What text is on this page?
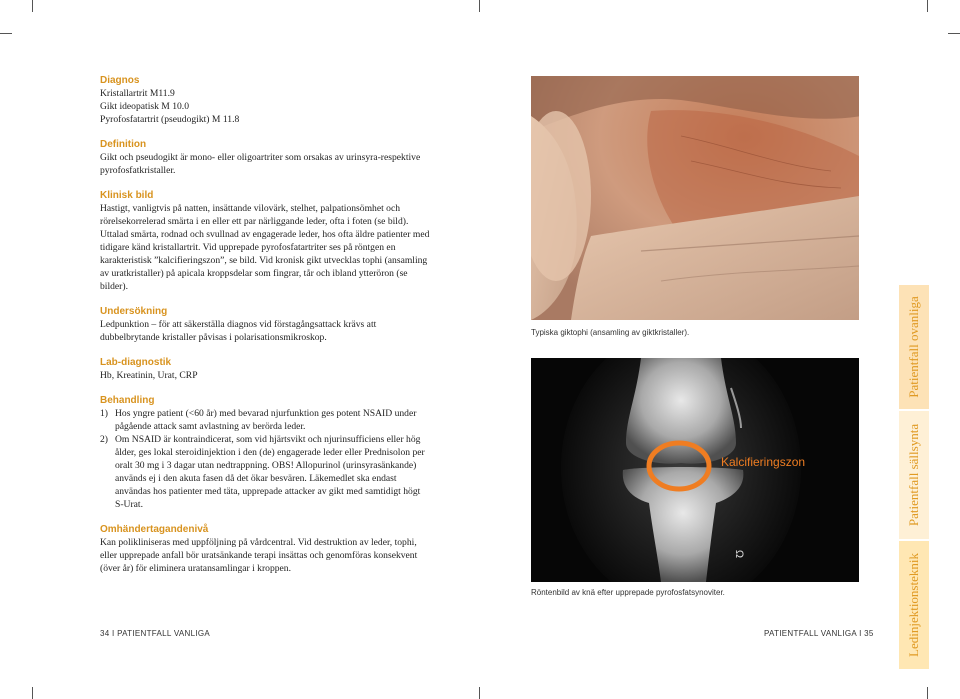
Diagnos

Kristallartrit M11.9

Gikt ideopatisk M 10.0

Pyrofosfatartrit (pseudogikt) M 11.8

Definition

Gikt och pseudogikt är mono- eller oligoartriter som orsakas av urinsyra-respektive pyrofosfatkristaller.

Klinisk bild

Hastigt, vanligtvis på natten, insättande vilovärk, stelhet, palpationsömhet och rörelsekorrelerad smärta i en eller ett par närliggande leder, ofta i foten (se bild). Uttalad smärta, rodnad och svullnad av engagerade leder, hos ofta äldre patienter med tidigare känd kristallartrit. Vid upprepade pyrofosfatartriter ses på röntgen en karakteristisk ”kalcifieringszon”, se bild. Vid kronisk gikt utvecklas tophi (ansamling av uratkristaller) på apicala kroppsdelar som fingrar, tår och ibland ytteröron (se bilder).

Undersökning

Ledpunktion – för att säkerställa diagnos vid förstagångsattack krävs att dubbelbrytande kristaller påvisas i polarisationsmikroskop.

Lab-diagnostik

Hb, Kreatinin, Urat, CRP

Behandling
1) Hos yngre patient (<60 år) med bevarad njurfunktion ges potent NSAID under pågående attack samt avlastning av berörda leder.
2) Om NSAID är kontraindicerat, som vid hjärtsvikt och njurinsufficiens eller hög ålder, ges lokal steroidinjektion i den (de) engagerade leder eller Prednisolon per oralt 30 mg i 3 dagar utan nedtrappning. OBS! Allopurinol (urinsyrasänkande) används ej i den akuta fasen då det ökar besvären. Läkemedlet ska endast användas hos patienter med täta, upprepade attacker av gikt med samtidigt högt S-Urat.
Omhändertagandenivå

Kan polikliniseras med uppföljning på vårdcentral. Vid destruktion av leder, tophi, eller upprepade anfall bör uratsänkande terapi insättas och genomföras konsekvent (över år) för eliminera uratansamlingar i kroppen.

34 I PATIENTFALL VANLIGA
Typiska giktophi (ansamling av giktkristaller).
Kalcifieringszon
Ω
Röntenbild av knä efter upprepade pyrofosfatsynoviter.
PATIENTFALL VANLIGA I 35
Patientfall ovanliga
Patientfall sällsynta
Ledinjektionsteknik
